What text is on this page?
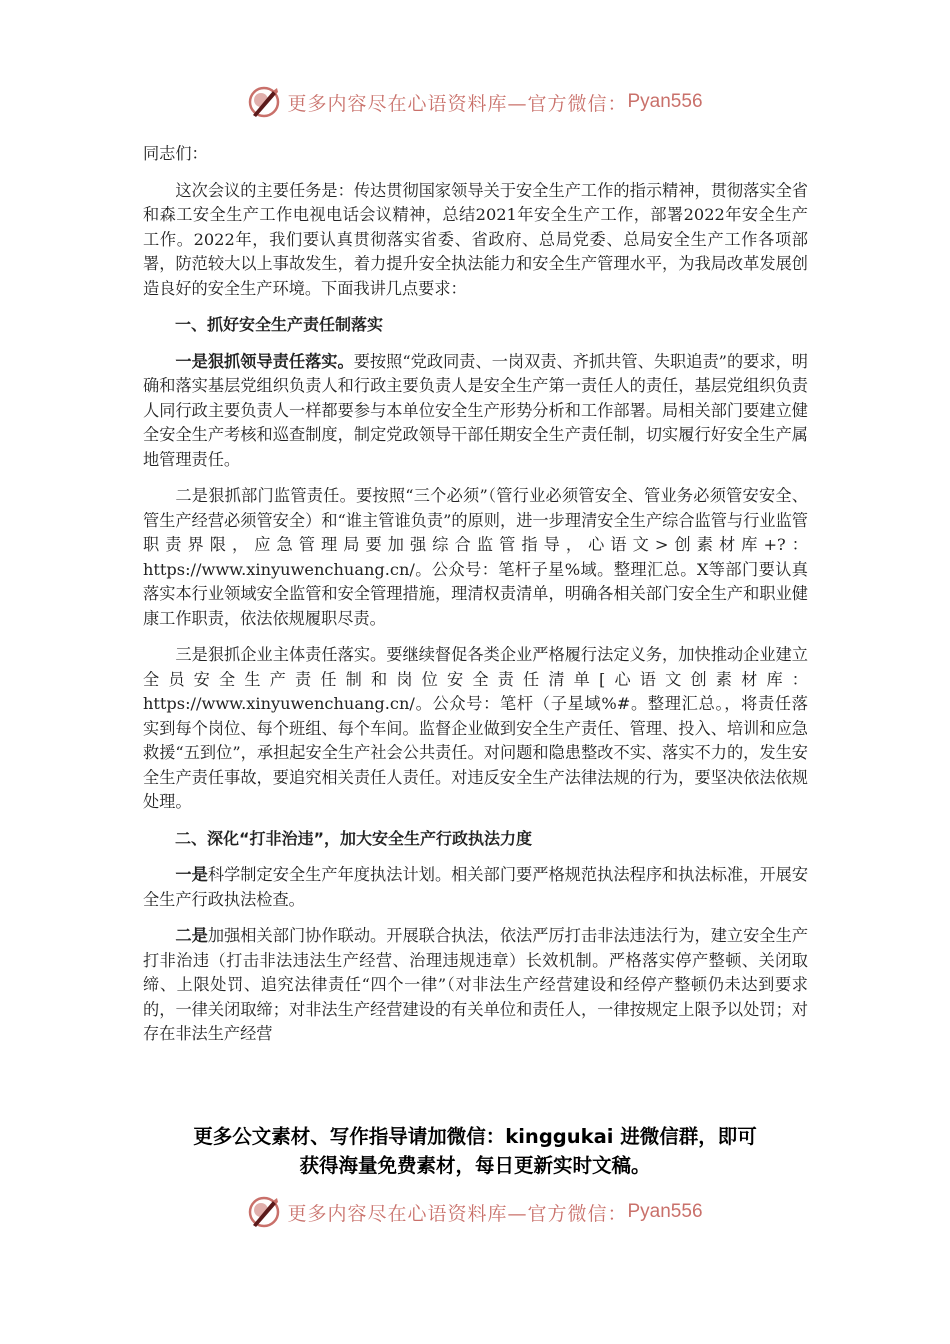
更多内容尽在心语资料库—官方微信： Pyan556

同志们：

这次会议的主要任务是：传达贯彻国家领导关于安全生产工作的指示精神，贯彻落实全省和森工安全生产工作电视电话会议精神，总结2021年安全生产工作，部署2022年安全生产工作。2022年，我们要认真贯彻落实省委、省政府、总局党委、总局安全生产工作各项部署，防范较大以上事故发生，着力提升安全执法能力和安全生产管理水平，为我局改革发展创造良好的安全生产环境。下面我讲几点要求：

一、抓好安全生产责任制落实

一是狠抓领导责任落实。要按照“党政同责、一岗双责、齐抓共管、失职追责”的要求，明确和落实基层党组织负责人和行政主要负责人是安全生产第一责任人的责任，基层党组织负责人同行政主要负责人一样都要参与本单位安全生产形势分析和工作部署。局相关部门要建立健全安全生产考核和巡查制度，制定党政领导干部任期安全生产责任制，切实履行好安全生产属地管理责任。

二是狠抓部门监管责任。要按照“三个必须”（管行业必须管安全、管业务必须管安安全、管生产经营必须管安全）和“谁主管谁负责”的原则，进一步理清安全生产综合监管与行业监管职责界限，应急管理局要加强综合监管指导，心语文>创素材库+?：https://www.xinyuwenchuang.cn/。公众号：笔杆子星%域。整理汇总。X等部门要认真落实本行业领域安全监管和安全管理措施，理清权责清单，明确各相关部门安全生产和职业健康工作职责，依法依规履职尽责。

三是狠抓企业主体责任落实。要继续督促各类企业严格履行法定义务，加快推动企业建立全员安全生产责任制和岗位安全责任清单[心语文创素材库：https://www.xinyuwenchuang.cn/。公众号：笔杆（子星域%#。整理汇总。，将责任落实到每个岗位、每个班组、每个车间。监督企业做到安全生产责任、管理、投入、培训和应急救援“五到位”，承担起安全生产社会公共责任。对问题和隐患整改不实、落实不力的，发生安全生产责任事故，要追究相关责任人责任。对违反安全生产法律法规的行为，要坚决依法依规处理。

二、深化“打非治违”，加大安全生产行政执法力度

一是科学制定安全生产年度执法计划。相关部门要严格规范执法程序和执法标准，开展安全生产行政执法检查。

二是加强相关部门协作联动。开展联合执法，依法严厉打击非法违法行为，建立安全生产打非治违（打击非法违法生产经营、治理违规违章）长效机制。严格落实停产整顿、关闭取缔、上限处罚、追究法律责任“四个一律”（对非法生产经营建设和经停产整顿仍未达到要求的，一律关闭取缔；对非法生产经营建设的有关单位和责任人，一律按规定上限予以处罚；对存在非法生产经营

更多公文素材、写作指导请加微信：kinggukai 进微信群，即可
获得海量免费素材，每日更新实时文稿。
更多内容尽在心语资料库—官方微信： Pyan556
